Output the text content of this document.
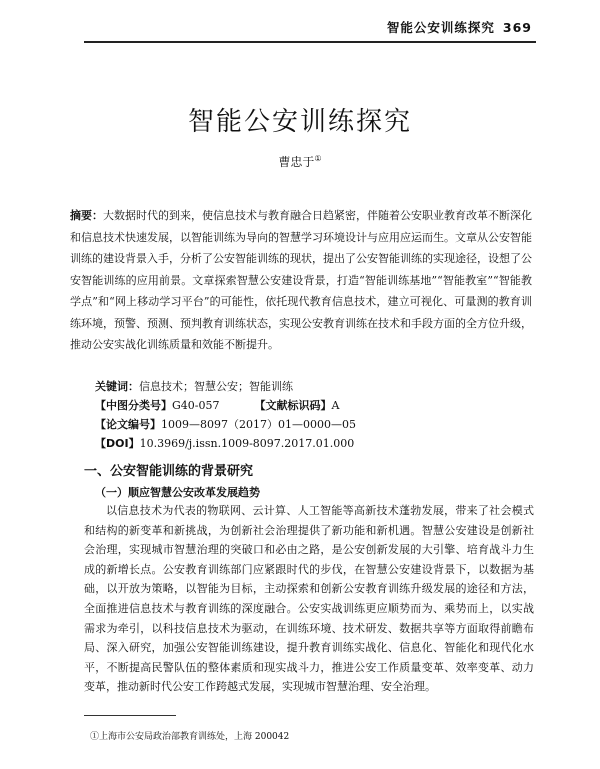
智能公安训练探究 369
智能公安训练探究
曹忠于①
摘要：大数据时代的到来，使信息技术与教育融合日趋紧密，伴随着公安职业教育改革不断深化和信息技术快速发展，以智能训练为导向的智慧学习环境设计与应用应运而生。文章从公安智能训练的建设背景入手，分析了公安智能训练的现状，提出了公安智能训练的实现途径，设想了公安智能训练的应用前景。文章探索智慧公安建设背景，打造“智能训练基地”“智能教室”“智能教学点”和“网上移动学习平台”的可能性，依托现代教育信息技术，建立可视化、可量测的教育训练环境，预警、预测、预判教育训练状态，实现公安教育训练在技术和手段方面的全方位升级，推动公安实战化训练质量和效能不断提升。
关键词：信息技术；智慧公安；智能训练
【中图分类号】G40-057	【文献标识码】A
【论文编号】1009—8097（2017）01—0000—05
【DOI】10.3969/j.issn.1009-8097.2017.01.000
一、公安智能训练的背景研究
（一）顺应智慧公安改革发展趋势

以信息技术为代表的物联网、云计算、人工智能等高新技术蓬勃发展，带来了社会模式和结构的新变革和新挑战，为创新社会治理提供了新功能和新机遇。智慧公安建设是创新社会治理，实现城市智慧治理的突破口和必由之路，是公安创新发展的大引擎、培育战斗力生成的新增长点。公安教育训练部门应紧跟时代的步伐，在智慧公安建设背景下，以数据为基础，以开放为策略，以智能为目标，主动探索和创新公安教育训练升级发展的途径和方法，全面推进信息技术与教育训练的深度融合。公安实战训练更应顺势而为、乘势而上，以实战需求为牵引，以科技信息技术为驱动，在训练环境、技术研发、数据共享等方面取得前瞻布局、深入研究，加强公安智能训练建设，提升教育训练实战化、信息化、智能化和现代化水平，不断提高民警队伍的整体素质和现实战斗力，推进公安工作质量变革、效率变革、动力变革，推动新时代公安工作跨越式发展，实现城市智慧治理、安全治理。

①上海市公安局政治部教育训练处，上海 200042
